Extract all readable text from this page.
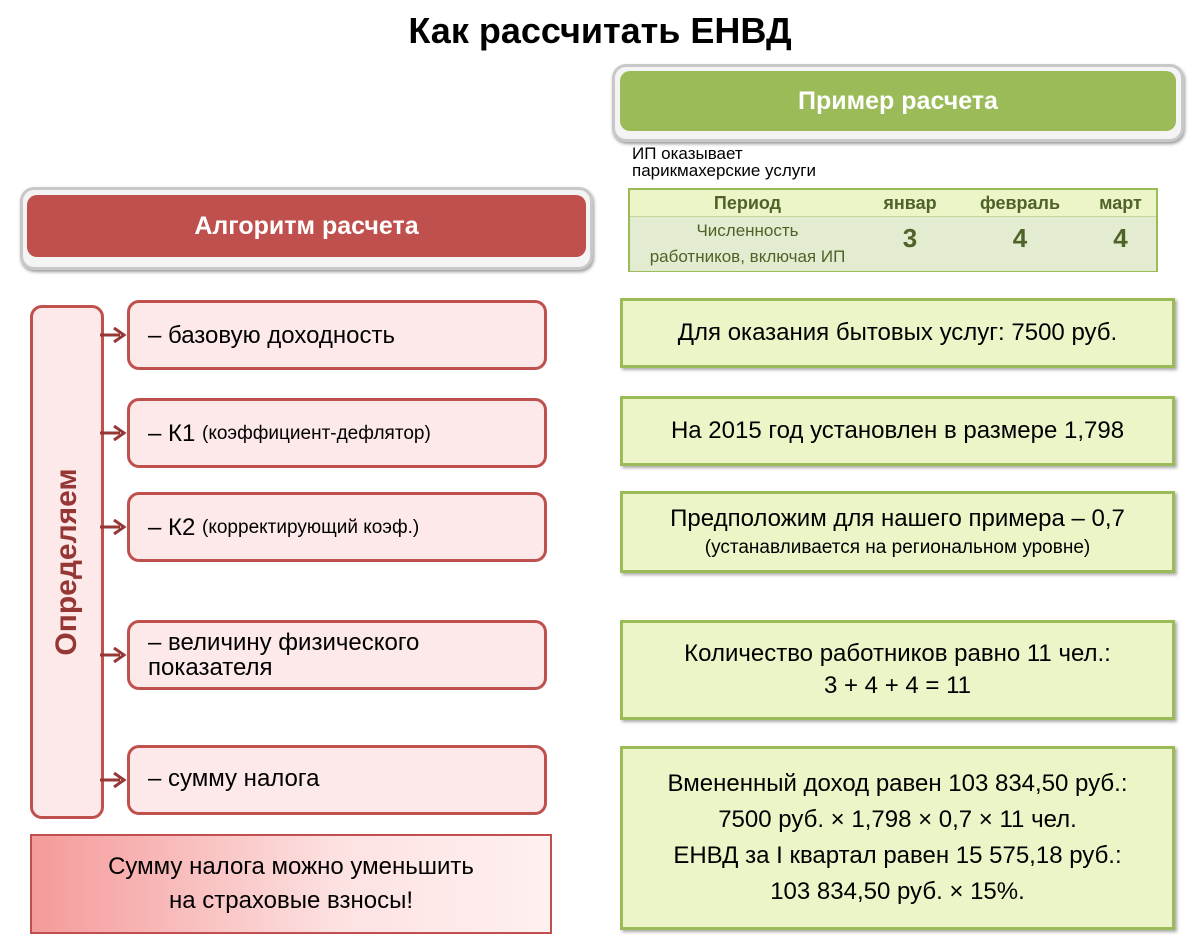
Как рассчитать ЕНВД
Пример расчета
ИП оказывает
парикмахерские услуги
Период	январ	февраль	март
Численность
работников, включая ИП
3	4	4
Алгоритм расчета
Определяем
– базовую доходность
– К1
(коэффициент-дефлятор)
– К2
(корректирующий коэф.)
– величину физического показателя
– сумму налога
Сумму налога можно уменьшить
на страховые взносы!
Для оказания бытовых услуг: 7500 руб.
На 2015 год установлен в размере 1,798
Предположим для нашего примера – 0,7
(устанавливается на региональном уровне)
Количество работников равно 11 чел.:
3 + 4 + 4 = 11
Вмененный доход равен 103 834,50 руб.:
7500 руб. × 1,798 × 0,7 × 11 чел.
ЕНВД за I квартал равен 15 575,18 руб.:
103 834,50 руб. × 15%.
